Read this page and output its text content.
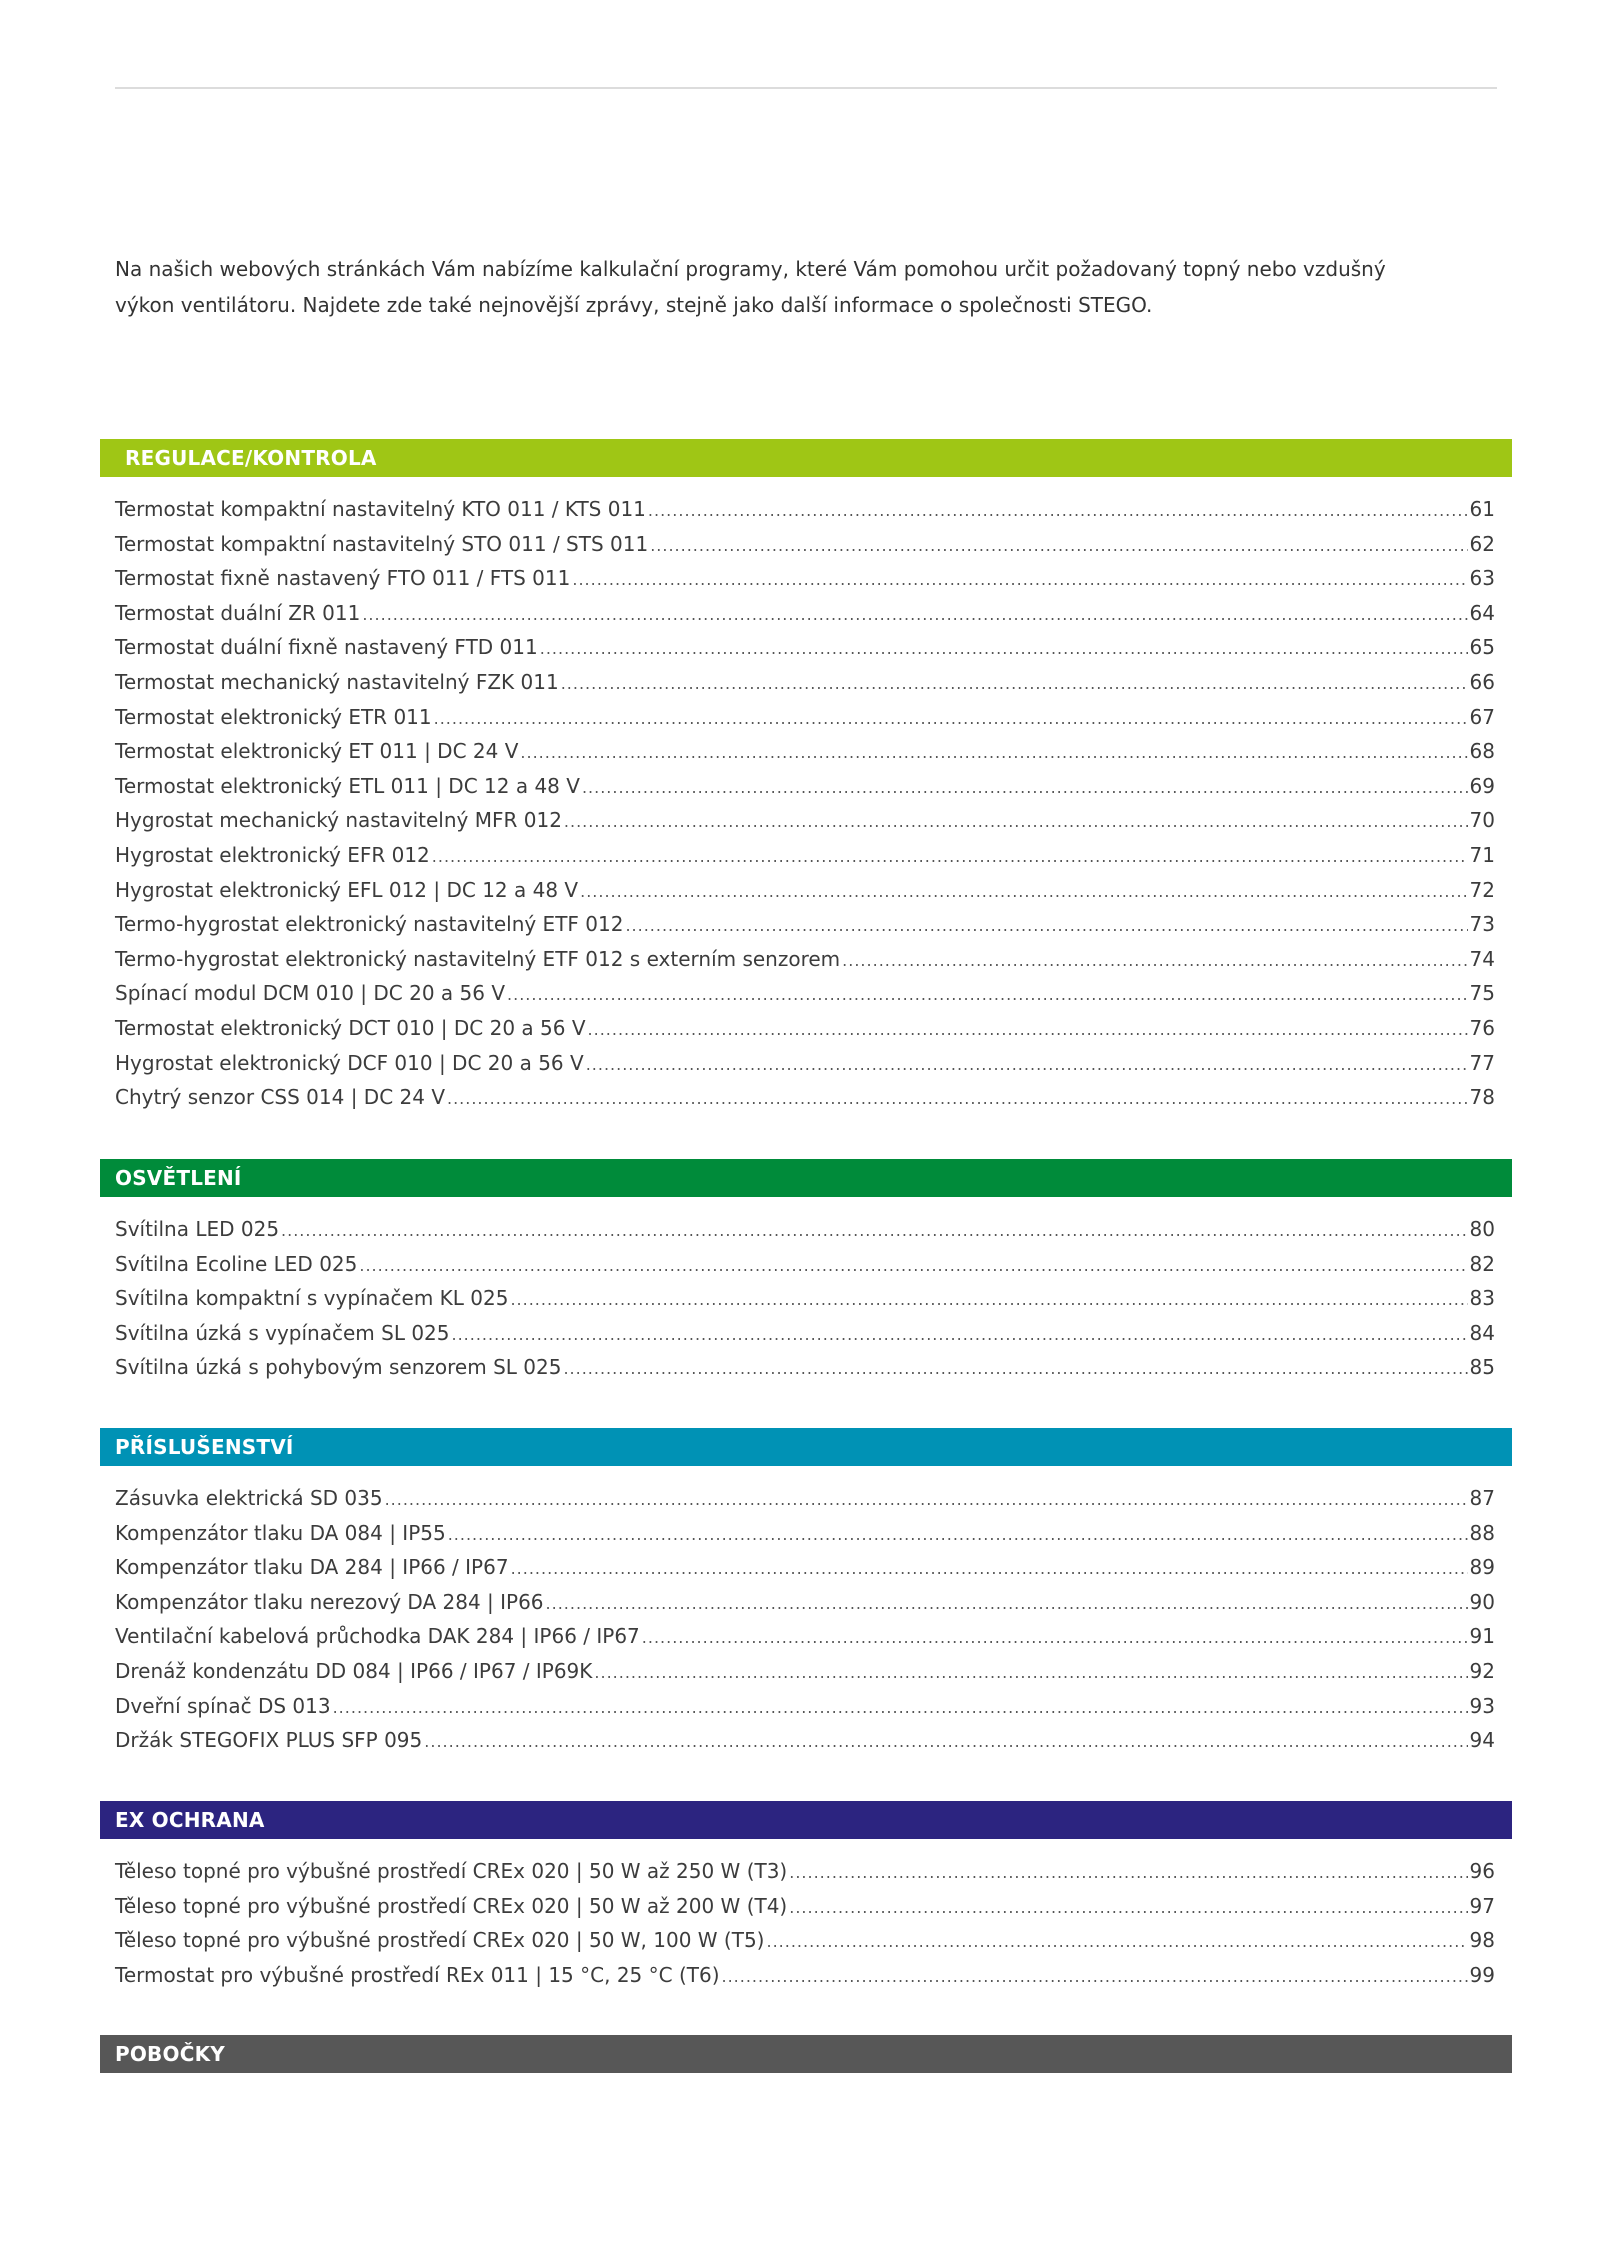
Na našich webových stránkách Vám nabízíme kalkulační programy, které Vám pomohou určit požadovaný topný nebo vzdušný výkon ventilátoru. Najdete zde také nejnovější zprávy, stejně jako další informace o společnosti STEGO.

REGULACE/KONTROLA
Termostat kompaktní nastavitelný KTO 011 / KTS 011 .....	61
Termostat kompaktní nastavitelný STO 011 / STS 011 .....	62
Termostat fixně nastavený FTO 011 / FTS 011 .....	63
Termostat duální ZR 011 .....	64
Termostat duální fixně nastavený FTD 011 .....	65
Termostat mechanický nastavitelný FZK 011 .....	66
Termostat elektronický ETR 011 .....	67
Termostat elektronický ET 011 | DC 24 V .....	68
Termostat elektronický ETL 011 | DC 12 a 48 V .....	69
Hygrostat mechanický nastavitelný MFR 012 .....	70
Hygrostat elektronický EFR 012 .....	71
Hygrostat elektronický EFL 012 | DC 12 a 48 V .....	72
Termo-hygrostat elektronický nastavitelný ETF 012 .....	73
Termo-hygrostat elektronický nastavitelný ETF 012 s externím senzorem .....	74
Spínací modul DCM 010 | DC 20 a 56 V .....	75
Termostat elektronický DCT 010 | DC 20 a 56 V .....	76
Hygrostat elektronický DCF 010 | DC 20 a 56 V .....	77
Chytrý senzor CSS 014 | DC 24 V .....	78
OSVĚTLENÍ
Svítilna LED 025 .....	80
Svítilna Ecoline LED 025 .....	82
Svítilna kompaktní s vypínačem KL 025 .....	83
Svítilna úzká s vypínačem SL 025 .....	84
Svítilna úzká s pohybovým senzorem SL 025 .....	85
PŘÍSLUŠENSTVÍ
Zásuvka elektrická SD 035 .....	87
Kompenzátor tlaku DA 084 | IP55 .....	88
Kompenzátor tlaku DA 284 | IP66 / IP67 .....	89
Kompenzátor tlaku nerezový DA 284 | IP66 .....	90
Ventilační kabelová průchodka DAK 284 | IP66 / IP67 .....	91
Drenáž kondenzátu DD 084 | IP66 / IP67 / IP69K .....	92
Dveřní spínač DS 013 .....	93
Držák STEGOFIX PLUS SFP 095 .....	94
EX OCHRANA
Těleso topné pro výbušné prostředí CREx 020 | 50 W až 250 W (T3) .....	96
Těleso topné pro výbušné prostředí CREx 020 | 50 W až 200 W (T4) .....	97
Těleso topné pro výbušné prostředí CREx 020 | 50 W, 100 W (T5) .....	98
Termostat pro výbušné prostředí REx 011 | 15 °C, 25 °C (T6) .....	99
POBOČKY
